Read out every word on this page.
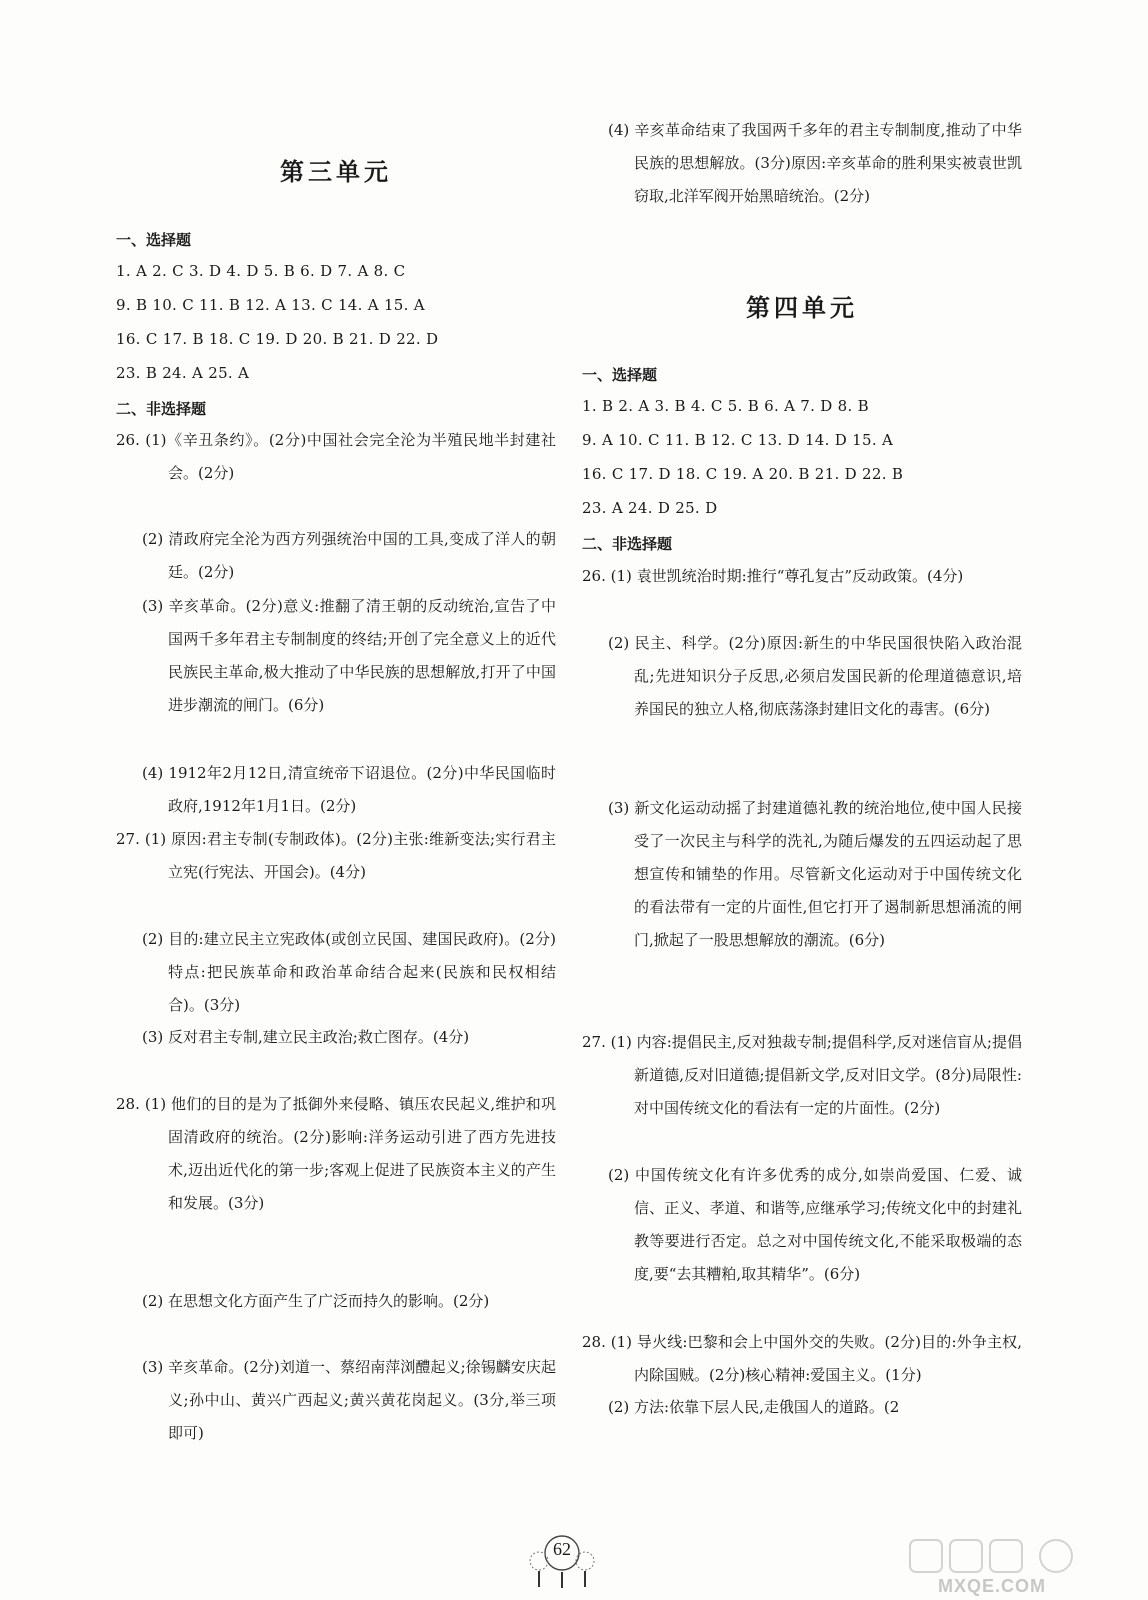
第三单元
一、选择题
1. A 2. C 3. D 4. D 5. B 6. D 7. A 8. C
9. B 10. C 11. B 12. A 13. C 14. A 15. A
16. C 17. B 18. C 19. D 20. B 21. D 22. D
23. B 24. A 25. A
二、非选择题

26. (1)《辛丑条约》。(2分)中国社会完全沦为半殖民地半封建社会。(2分)

(2) 清政府完全沦为西方列强统治中国的工具,变成了洋人的朝廷。(2分)

(3) 辛亥革命。(2分)意义:推翻了清王朝的反动统治,宣告了中国两千多年君主专制制度的终结;开创了完全意义上的近代民族民主革命,极大推动了中华民族的思想解放,打开了中国进步潮流的闸门。(6分)

(4) 1912年2月12日,清宣统帝下诏退位。(2分)中华民国临时政府,1912年1月1日。(2分)

27. (1) 原因:君主专制(专制政体)。(2分)主张:维新变法;实行君主立宪(行宪法、开国会)。(4分)

(2) 目的:建立民主立宪政体(或创立民国、建国民政府)。(2分)特点:把民族革命和政治革命结合起来(民族和民权相结合)。(3分)

(3) 反对君主专制,建立民主政治;救亡图存。(4分)

28. (1) 他们的目的是为了抵御外来侵略、镇压农民起义,维护和巩固清政府的统治。(2分)影响:洋务运动引进了西方先进技术,迈出近代化的第一步;客观上促进了民族资本主义的产生和发展。(3分)

(2) 在思想文化方面产生了广泛而持久的影响。(2分)

(3) 辛亥革命。(2分)刘道一、蔡绍南萍浏醴起义;徐锡麟安庆起义;孙中山、黄兴广西起义;黄兴黄花岗起义。(3分,举三项即可)

(4) 辛亥革命结束了我国两千多年的君主专制制度,推动了中华民族的思想解放。(3分)原因:辛亥革命的胜利果实被袁世凯窃取,北洋军阀开始黑暗统治。(2分)

第四单元
一、选择题
1. B 2. A 3. B 4. C 5. B 6. A 7. D 8. B
9. A 10. C 11. B 12. C 13. D 14. D 15. A
16. C 17. D 18. C 19. A 20. B 21. D 22. B
23. A 24. D 25. D
二、非选择题

26. (1) 袁世凯统治时期:推行“尊孔复古”反动政策。(4分)

(2) 民主、科学。(2分)原因:新生的中华民国很快陷入政治混乱;先进知识分子反思,必须启发国民新的伦理道德意识,培养国民的独立人格,彻底荡涤封建旧文化的毒害。(6分)

(3) 新文化运动动摇了封建道德礼教的统治地位,使中国人民接受了一次民主与科学的洗礼,为随后爆发的五四运动起了思想宣传和铺垫的作用。尽管新文化运动对于中国传统文化的看法带有一定的片面性,但它打开了遏制新思想涌流的闸门,掀起了一股思想解放的潮流。(6分)

27. (1) 内容:提倡民主,反对独裁专制;提倡科学,反对迷信盲从;提倡新道德,反对旧道德;提倡新文学,反对旧文学。(8分)局限性:对中国传统文化的看法有一定的片面性。(2分)

(2) 中国传统文化有许多优秀的成分,如崇尚爱国、仁爱、诚信、正义、孝道、和谐等,应继承学习;传统文化中的封建礼教等要进行否定。总之对中国传统文化,不能采取极端的态度,要“去其糟粕,取其精华”。(6分)

28. (1) 导火线:巴黎和会上中国外交的失败。(2分)目的:外争主权,内除国贼。(2分)核心精神:爱国主义。(1分)

(2) 方法:依靠下层人民,走俄国人的道路。(2

62
MXQE.COM
